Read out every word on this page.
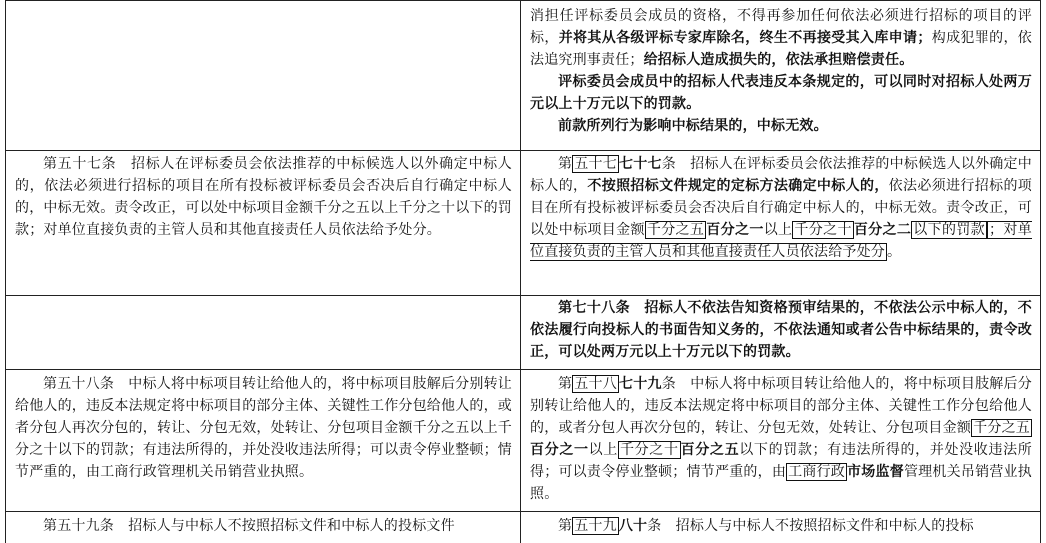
消担任评标委员会成员的资格，不得再参加任何依法必须进行招标的项目的评标，并将其从各级评标专家库除名，终生不再接受其入库申请；构成犯罪的，依法追究刑事责任；给招标人造成损失的，依法承担赔偿责任。
评标委员会成员中的招标人代表违反本条规定的，可以同时对招标人处两万元以上十万元以下的罚款。
前款所列行为影响中标结果的，中标无效。
第五十七条　招标人在评标委员会依法推荐的中标候选人以外确定中标人的，依法必须进行招标的项目在所有投标被评标委员会否决后自行确定中标人的，中标无效。责令改正，可以处中标项目金额千分之五以上千分之十以下的罚款；对单位直接负责的主管人员和其他直接责任人员依法给予处分。
第 五十七 七十七条　招标人在评标委员会依法推荐的中标候选人以外确定中标人的，不按照招标文件规定的定标方法确定中标人的，依法必须进行招标的项目在所有投标被评标委员会否决后自行确定中标人的，中标无效。责令改正，可以处中标项目金额 千分之五 百分之一以上 千分之十 百分之二 以下的罚款 ；对单位直接负责的主管人员和其他直接责任人员依法给予处分 。
第七十八条　招标人不依法告知资格预审结果的，不依法公示中标人的，不依法履行向投标人的书面告知义务的，不依法通知或者公告中标结果的，责令改正，可以处两万元以上十万元以下的罚款。
第五十八条　中标人将中标项目转让给他人的，将中标项目肢解后分别转让给他人的，违反本法规定将中标项目的部分主体、关键性工作分包给他人的，或者分包人再次分包的，转让、分包无效，处转让、分包项目金额千分之五以上千分之十以下的罚款；有违法所得的，并处没收违法所得；可以责令停业整顿；情节严重的，由工商行政管理机关吊销营业执照。
第 五十八 七十九条　中标人将中标项目转让给他人的，将中标项目肢解后分别转让给他人的，违反本法规定将中标项目的部分主体、关键性工作分包给他人的，或者分包人再次分包的，转让、分包无效，处转让、分包项目金额 千分之五百分之一以上 千分之十 百分之五以下的罚款；有违法所得的，并处没收违法所得；可以责令停业整顿；情节严重的，由 工商行政 市场监督管理机关吊销营业执照。
第五十九条　招标人与中标人不按照招标文件和中标人的投标文件	第 五十九 八十条　招标人与中标人不按照招标文件和中标人的投标
